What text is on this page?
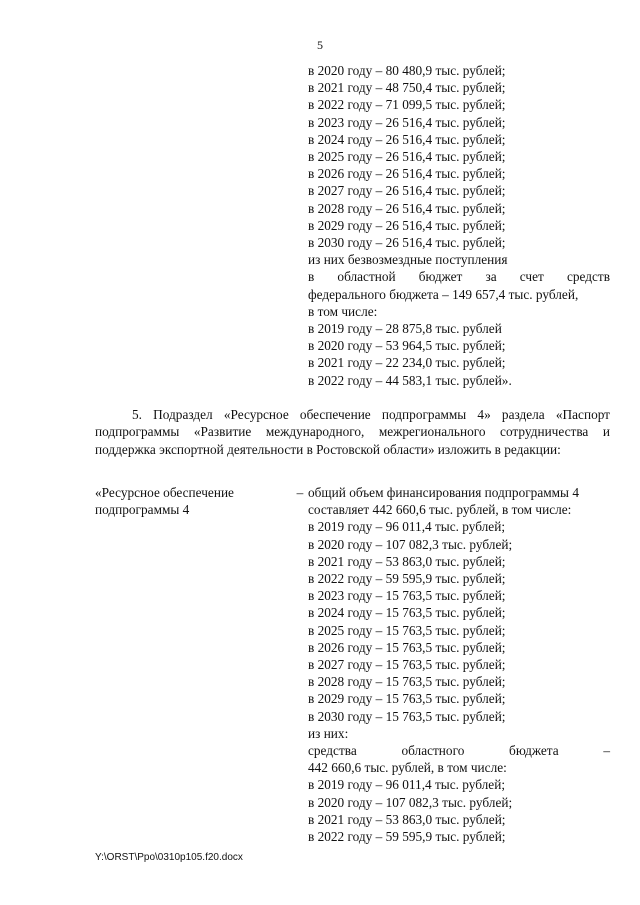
5
в 2020 году – 80 480,9 тыс. рублей;
в 2021 году – 48 750,4 тыс. рублей;
в 2022 году – 71 099,5 тыс. рублей;
в 2023 году – 26 516,4 тыс. рублей;
в 2024 году – 26 516,4 тыс. рублей;
в 2025 году – 26 516,4 тыс. рублей;
в 2026 году – 26 516,4 тыс. рублей;
в 2027 году – 26 516,4 тыс. рублей;
в 2028 году – 26 516,4 тыс. рублей;
в 2029 году – 26 516,4 тыс. рублей;
в 2030 году – 26 516,4 тыс. рублей;
из них безвозмездные поступления
в областной бюджет за счет средств
федерального бюджета – 149 657,4 тыс. рублей,
в том числе:
в 2019 году – 28 875,8 тыс. рублей
в 2020 году – 53 964,5 тыс. рублей;
в 2021 году – 22 234,0 тыс. рублей;
в 2022 году – 44 583,1 тыс. рублей».
5. Подраздел «Ресурсное обеспечение подпрограммы 4» раздела «Паспорт подпрограммы «Развитие международного, межрегионального сотрудничества и поддержка экспортной деятельности в Ростовской области» изложить в редакции:
«Ресурсное обеспечение подпрограммы 4
– общий объем финансирования подпрограммы 4
составляет 442 660,6 тыс. рублей, в том числе:
в 2019 году – 96 011,4 тыс. рублей;
в 2020 году – 107 082,3 тыс. рублей;
в 2021 году – 53 863,0 тыс. рублей;
в 2022 году – 59 595,9 тыс. рублей;
в 2023 году – 15 763,5 тыс. рублей;
в 2024 году – 15 763,5 тыс. рублей;
в 2025 году – 15 763,5 тыс. рублей;
в 2026 году – 15 763,5 тыс. рублей;
в 2027 году – 15 763,5 тыс. рублей;
в 2028 году – 15 763,5 тыс. рублей;
в 2029 году – 15 763,5 тыс. рублей;
в 2030 году – 15 763,5 тыс. рублей;
из них:
средства областного бюджета –
442 660,6 тыс. рублей, в том числе:
в 2019 году – 96 011,4 тыс. рублей;
в 2020 году – 107 082,3 тыс. рублей;
в 2021 году – 53 863,0 тыс. рублей;
в 2022 году – 59 595,9 тыс. рублей;
Y:\ORST\Ppo\0310p105.f20.docx
